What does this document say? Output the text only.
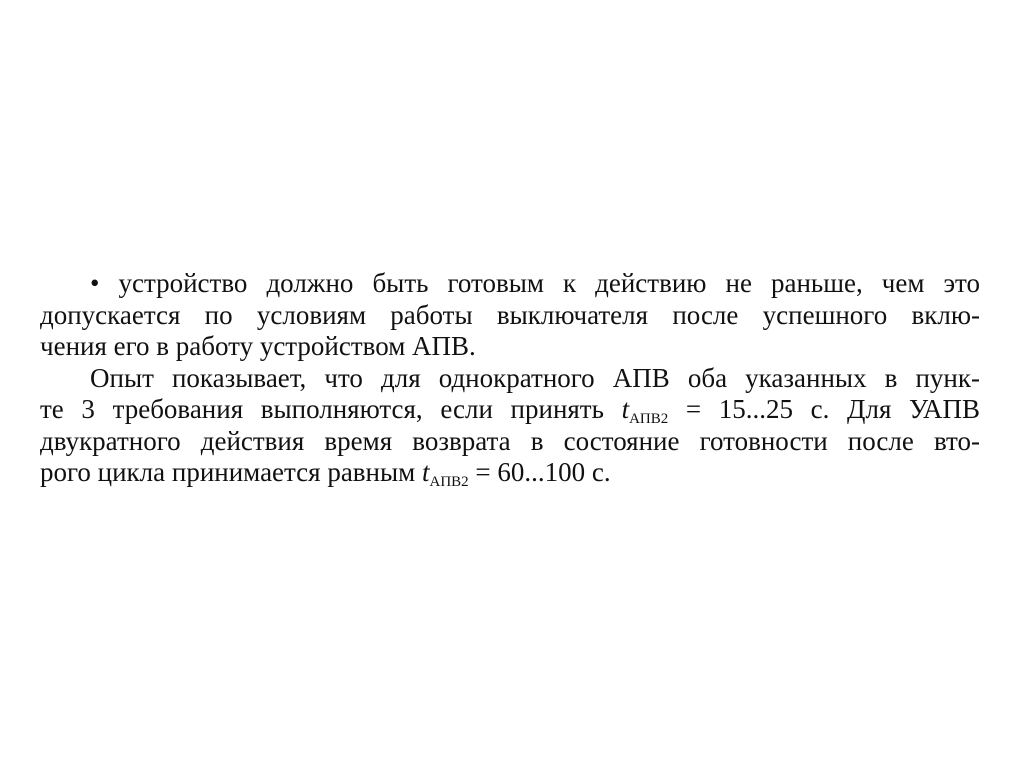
• устройство должно быть готовым к действию не раньше, чем это
допускается по условиям работы выключателя после успешного вклю-
чения его в работу устройством АПВ.
Опыт показывает, что для однократного АПВ оба указанных в пунк-
те 3 требования выполняются, если принять $t_{АПВ2} = 15...25$ с. Для УАПВ
двукратного действия время возврата в состояние готовности после вто-
рого цикла принимается равным $t_{АПВ2} = 60...100$ с.
